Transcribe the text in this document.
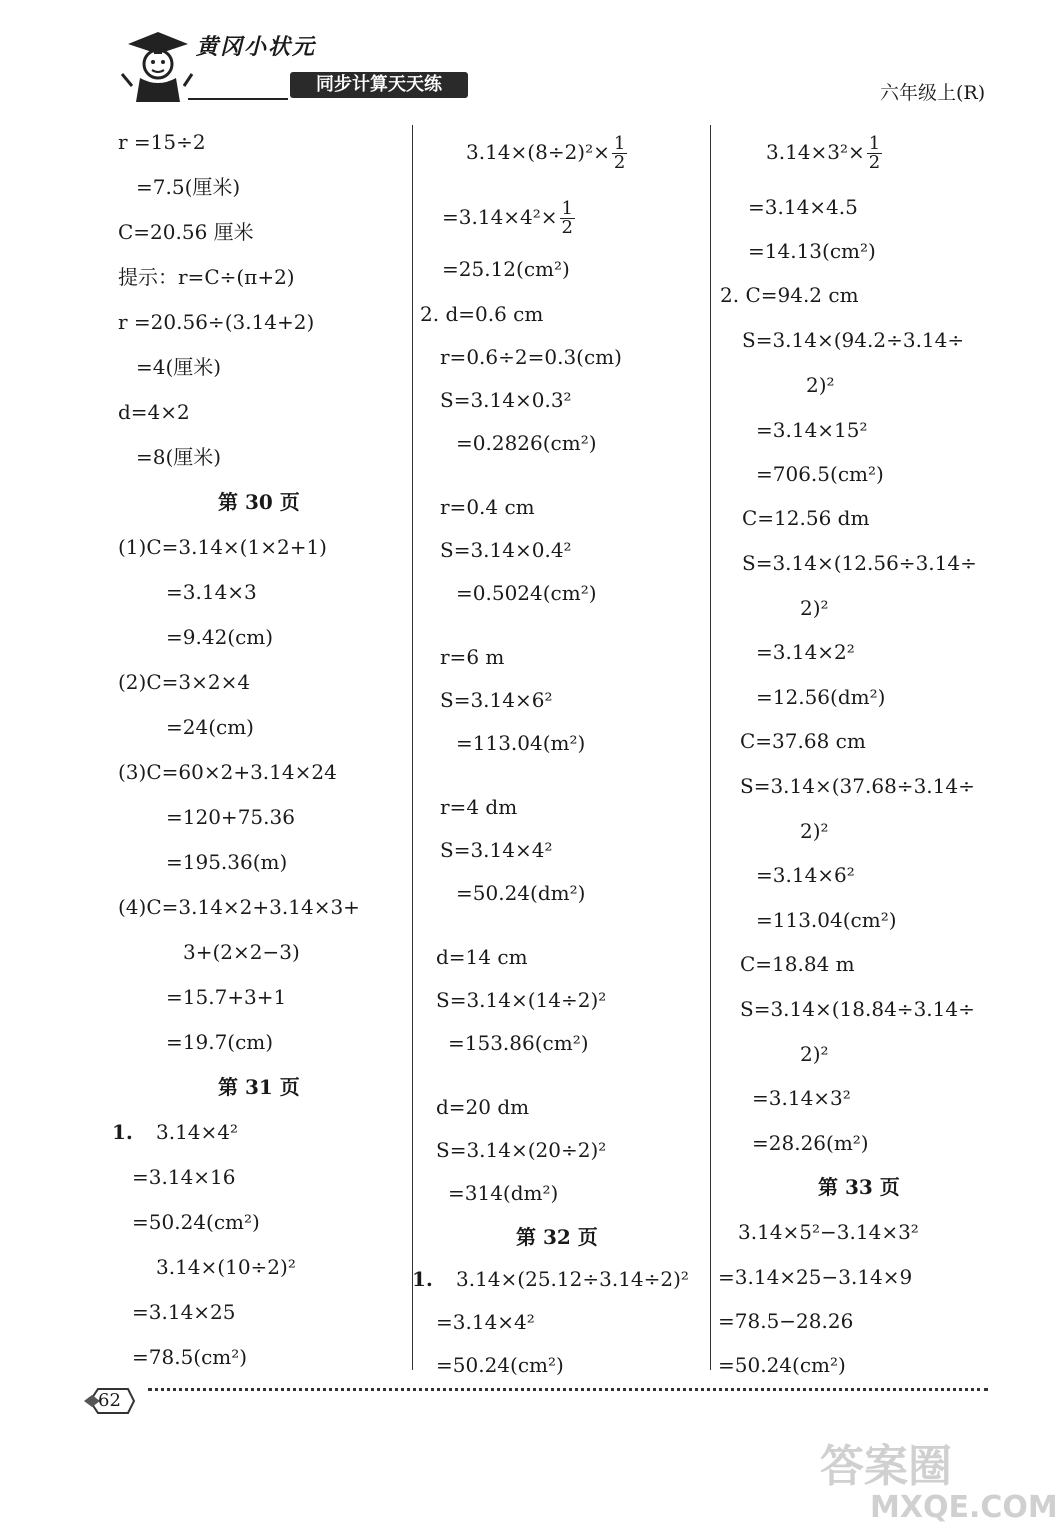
黄冈小状元
同步计算天天练	六年级上(R)
r =15÷2
=7.5(厘米)
C=20.56 厘米
提示：r=C÷(π+2)
r =20.56÷(3.14+2)
=4(厘米)
d=4×2
=8(厘米)
第 30 页
(1)C=3.14×(1×2+1)
=3.14×3
=9.42(cm)
(2)C=3×2×4
=24(cm)
(3)C=60×2+3.14×24
=120+75.36
=195.36(m)
(4)C=3.14×2+3.14×3+
3+(2×2−3)
=15.7+3+1
=19.7(cm)
第 31 页
1. 3.14×4²
=3.14×16
=50.24(cm²)
3.14×(10÷2)²
=3.14×25
=78.5(cm²)
$3.14\times(8\div 2)^2\times \frac{1}{2}$
$=3.14\times 4^2\times \frac{1}{2}$
=25.12(cm²)
2. d=0.6 cm
r=0.6÷2=0.3(cm)
S=3.14×0.3²
=0.2826(cm²)
r=0.4 cm
S=3.14×0.4²
=0.5024(cm²)
r=6 m
S=3.14×6²
=113.04(m²)
r=4 dm
S=3.14×4²
=50.24(dm²)
d=14 cm
S=3.14×(14÷2)²
=153.86(cm²)
d=20 dm
S=3.14×(20÷2)²
=314(dm²)
第 32 页
1. 3.14×(25.12÷3.14÷2)²
=3.14×4²
=50.24(cm²)
$3.14\times 3^2\times \frac{1}{2}$
=3.14×4.5
=14.13(cm²)
2. C=94.2 cm
S=3.14×(94.2÷3.14÷
2)²
=3.14×15²
=706.5(cm²)
C=12.56 dm
S=3.14×(12.56÷3.14÷
2)²
=3.14×2²
=12.56(dm²)
C=37.68 cm
S=3.14×(37.68÷3.14÷
2)²
=3.14×6²
=113.04(cm²)
C=18.84 m
S=3.14×(18.84÷3.14÷
2)²
=3.14×3²
=28.26(m²)
第 33 页
3.14×5²−3.14×3²
=3.14×25−3.14×9
=78.5−28.26
=50.24(cm²)
62
答案圈
MXQE.COM
